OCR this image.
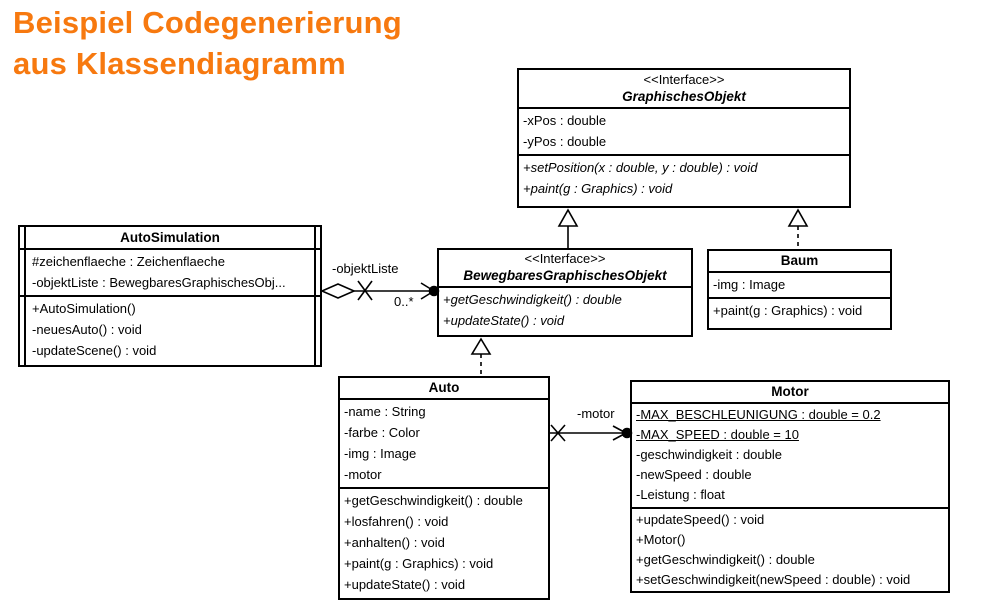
Beispiel Codegenerierung
aus Klassendiagramm
-objektListe
0..*
-motor
<<Interface>>
GraphischesObjekt
-xPos : double
-yPos : double
+setPosition(x : double, y : double) : void
+paint(g : Graphics) : void
AutoSimulation
#zeichenflaeche : Zeichenflaeche
-objektListe : BewegbaresGraphischesObj...
+AutoSimulation()
-neuesAuto() : void
-updateScene() : void
<<Interface>>
BewegbaresGraphischesObjekt
+getGeschwindigkeit() : double
+updateState() : void
Baum
-img : Image
+paint(g : Graphics) : void
Auto
-name : String
-farbe : Color
-img : Image
-motor
+getGeschwindigkeit() : double
+losfahren() : void
+anhalten() : void
+paint(g : Graphics) : void
+updateState() : void
Motor
-MAX_BESCHLEUNIGUNG : double = 0.2
-MAX_SPEED : double = 10
-geschwindigkeit : double
-newSpeed : double
-Leistung : float
+updateSpeed() : void
+Motor()
+getGeschwindigkeit() : double
+setGeschwindigkeit(newSpeed : double) : void
